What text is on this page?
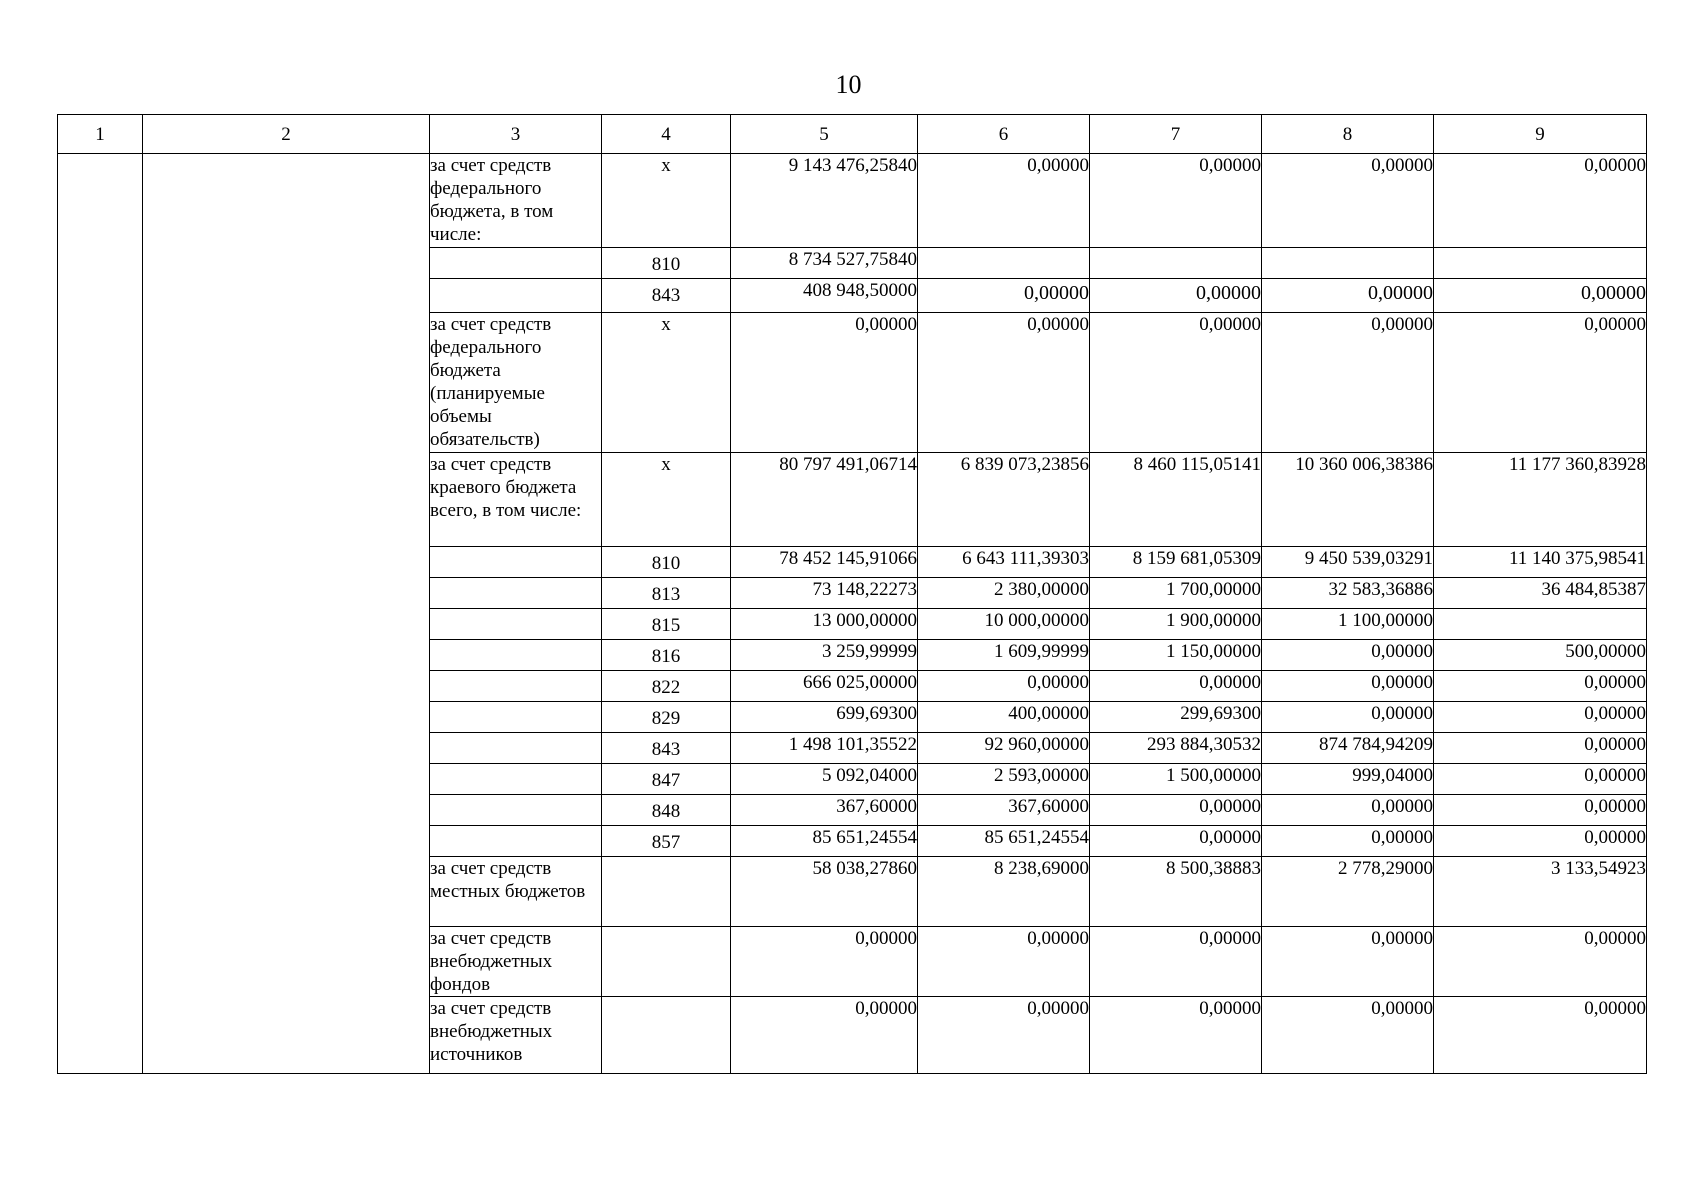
10
1	2	3	4	5	6	7	8	9
		за счет средств федерального бюджета, в том числе:	х	9 143 476,25840	0,00000	0,00000	0,00000	0,00000
			810	8 734 527,75840				
			843	408 948,50000	0,00000	0,00000	0,00000	0,00000
		за счет средств федерального бюджета (планируемые объемы обязательств)	х	0,00000	0,00000	0,00000	0,00000	0,00000
		за счет средств краевого бюджета всего, в том числе:	х	80 797 491,06714	6 839 073,23856	8 460 115,05141	10 360 006,38386	11 177 360,83928
			810	78 452 145,91066	6 643 111,39303	8 159 681,05309	9 450 539,03291	11 140 375,98541
			813	73 148,22273	2 380,00000	1 700,00000	32 583,36886	36 484,85387
			815	13 000,00000	10 000,00000	1 900,00000	1 100,00000	
			816	3 259,99999	1 609,99999	1 150,00000	0,00000	500,00000
			822	666 025,00000	0,00000	0,00000	0,00000	0,00000
			829	699,69300	400,00000	299,69300	0,00000	0,00000
			843	1 498 101,35522	92 960,00000	293 884,30532	874 784,94209	0,00000
			847	5 092,04000	2 593,00000	1 500,00000	999,04000	0,00000
			848	367,60000	367,60000	0,00000	0,00000	0,00000
			857	85 651,24554	85 651,24554	0,00000	0,00000	0,00000
		за счет средств местных бюджетов		58 038,27860	8 238,69000	8 500,38883	2 778,29000	3 133,54923
		за счет средств внебюджетных фондов		0,00000	0,00000	0,00000	0,00000	0,00000
		за счет средств внебюджетных источников		0,00000	0,00000	0,00000	0,00000	0,00000
